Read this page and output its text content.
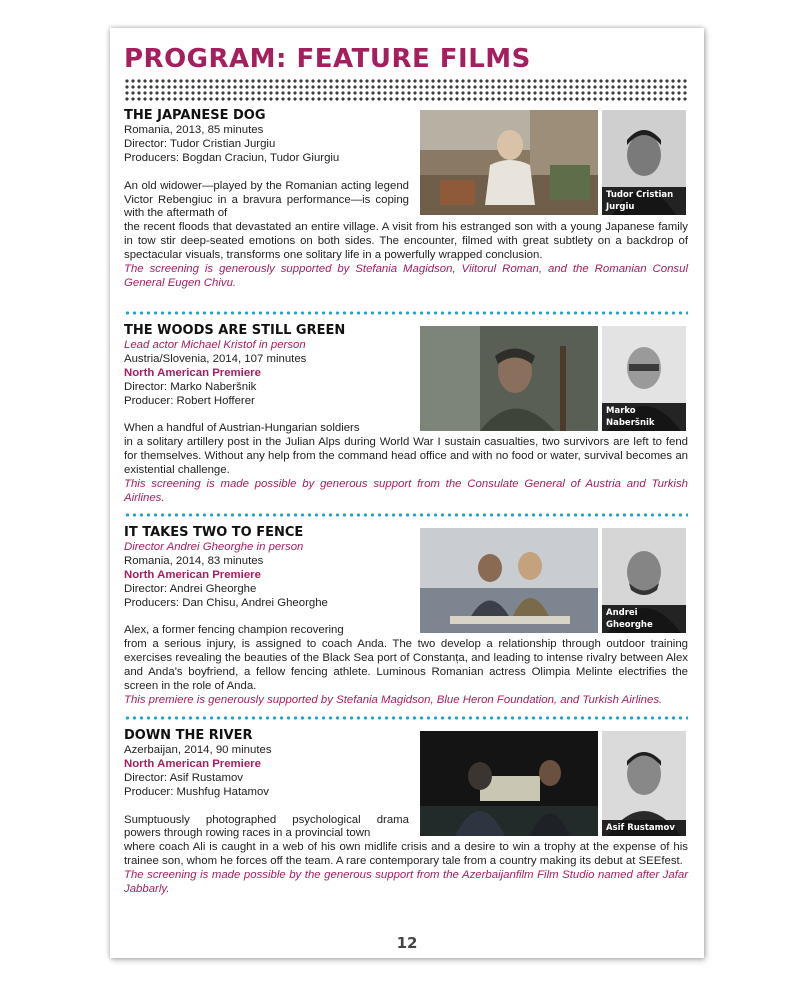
PROGRAM: FEATURE FILMS

THE JAPANESE DOG

Romania, 2013, 85 minutes

Director: Tudor Cristian Jurgiu

Producers: Bogdan Craciun, Tudor Giurgiu

An old widower—played by the Romanian acting legend Victor Rebengiuc in a bravura performance—is coping with the aftermath of

the recent floods that devastated an entire village. A visit from his estranged son with a young Japanese family in tow stir deep-seated emotions on both sides. The encounter, filmed with great subtlety on a backdrop of spectacular visuals, transforms one solitary life in a powerfully wrapped conclusion.

The screening is generously supported by Stefania Magidson, Viitorul Roman, and the Romanian Consul General Eugen Chivu.

Tudor Cristian Jurgiu

THE WOODS ARE STILL GREEN

Lead actor Michael Kristof in person

Austria/Slovenia, 2014, 107 minutes

North American Premiere

Director: Marko Naberšnik

Producer: Robert Hofferer

When a handful of Austrian-Hungarian soldiers

in a solitary artillery post in the Julian Alps during World War I sustain casualties, two survivors are left to fend for themselves. Without any help from the command head office and with no food or water, survival becomes an existential challenge.

This screening is made possible by generous support from the Consulate General of Austria and Turkish Airlines.

Marko Naberšnik

IT TAKES TWO TO FENCE

Director Andrei Gheorghe in person

Romania, 2014, 83 minutes

North American Premiere

Director: Andrei Gheorghe

Producers: Dan Chisu, Andrei Gheorghe

Alex, a former fencing champion recovering

from a serious injury, is assigned to coach Anda. The two develop a relationship through outdoor training exercises revealing the beauties of the Black Sea port of Constanța, and leading to intense rivalry between Alex and Anda's boyfriend, a fellow fencing athlete. Luminous Romanian actress Olimpia Melinte electrifies the screen in the role of Anda.

This premiere is generously supported by Stefania Magidson, Blue Heron Foundation, and Turkish Airlines.

Andrei Gheorghe

DOWN THE RIVER

Azerbaijan, 2014, 90 minutes

North American Premiere

Director: Asif Rustamov

Producer: Mushfug Hatamov

Sumptuously photographed psychological drama powers through rowing races in a provincial town

where coach Ali is caught in a web of his own midlife crisis and a desire to win a trophy at the expense of his trainee son, whom he forces off the team. A rare contemporary tale from a country making its debut at SEEfest.

The screening is made possible by the generous support from the Azerbaijanfilm Film Studio named after Jafar Jabbarly.

Asif Rustamov
12
